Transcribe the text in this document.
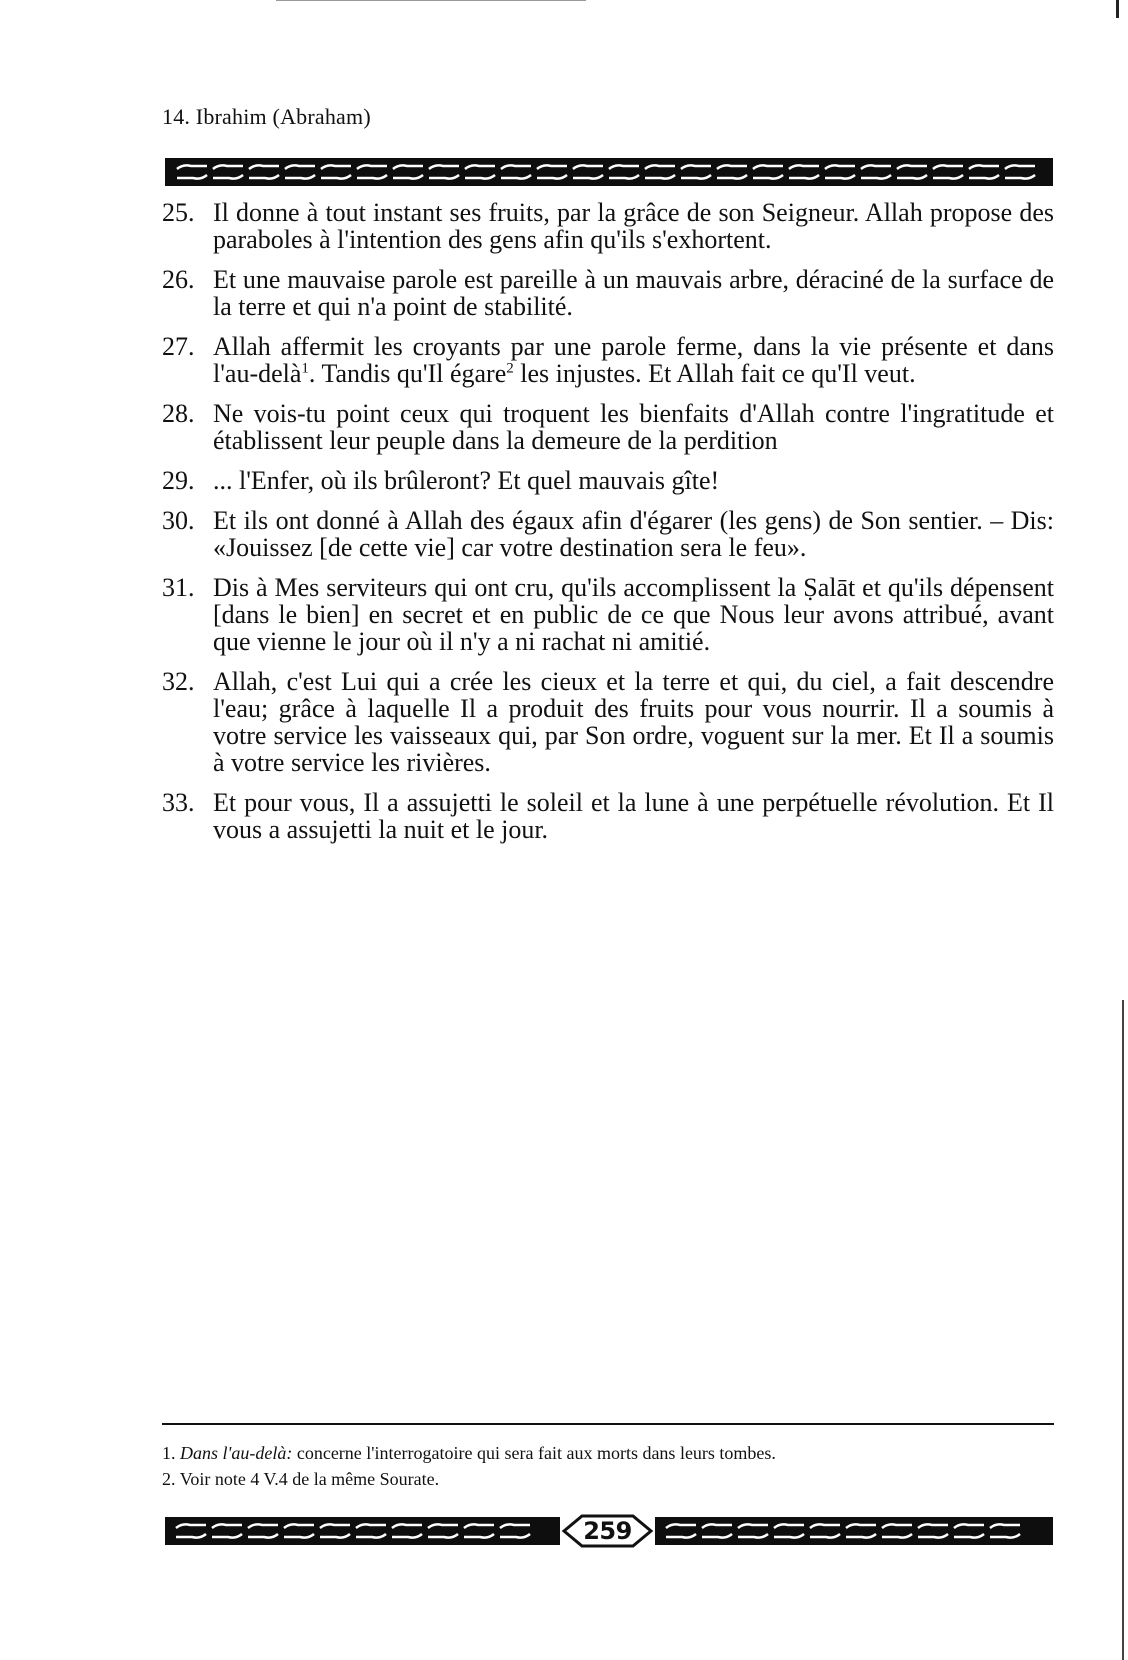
14. Ibrahim (Abraham)
25. Il donne à tout instant ses fruits, par la grâce de son Seigneur. Allah propose des paraboles à l'intention des gens afin qu'ils s'exhortent.
26. Et une mauvaise parole est pareille à un mauvais arbre, déraciné de la surface de la terre et qui n'a point de stabilité.
27. Allah affermit les croyants par une parole ferme, dans la vie présente et dans l'au-delà$^1$. Tandis qu'Il égare$^2$ les injustes. Et Allah fait ce qu'Il veut.
28. Ne vois-tu point ceux qui troquent les bienfaits d'Allah contre l'ingratitude et établissent leur peuple dans la demeure de la perdition
29. ... l'Enfer, où ils brûleront? Et quel mauvais gîte!
30. Et ils ont donné à Allah des égaux afin d'égarer (les gens) de Son sentier. – Dis: «Jouissez [de cette vie] car votre destination sera le feu».
31. Dis à Mes serviteurs qui ont cru, qu'ils accomplissent la Ṣalāt et qu'ils dépensent [dans le bien] en secret et en public de ce que Nous leur avons attribué, avant que vienne le jour où il n'y a ni rachat ni amitié.
32. Allah, c'est Lui qui a crée les cieux et la terre et qui, du ciel, a fait descendre l'eau; grâce à laquelle Il a produit des fruits pour vous nourrir. Il a soumis à votre service les vaisseaux qui, par Son ordre, voguent sur la mer. Et Il a soumis à votre service les rivières.
33. Et pour vous, Il a assujetti le soleil et la lune à une perpétuelle révolution. Et Il vous a assujetti la nuit et le jour.

1. Dans l'au-delà: concerne l'interrogatoire qui sera fait aux morts dans leurs tombes.

2. Voir note 4 V.4 de la même Sourate.

259
